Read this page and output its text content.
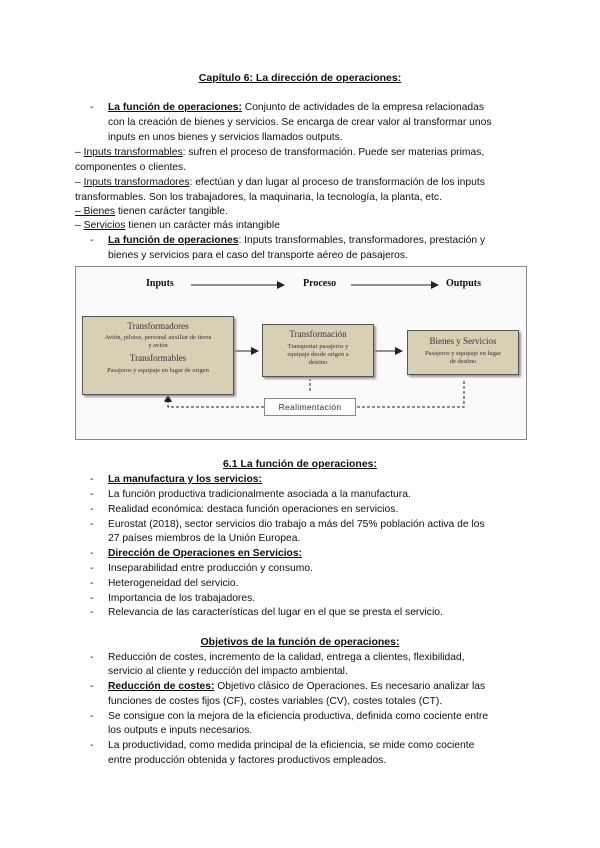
Capítulo 6: La dirección de operaciones:
- La función de operaciones: Conjunto de actividades de la empresa relacionadas
con la creación de bienes y servicios. Se encarga de crear valor al transformar unos
inputs en unos bienes y servicios llamados outputs.
– Inputs transformables: sufren el proceso de transformación. Puede ser materias primas,
componentes o clientes.
– Inputs transformadores: efectúan y dan lugar al proceso de transformación de los inputs
transformables. Son los trabajadores, la maquinaria, la tecnología, la planta, etc.
– Bienes tienen carácter tangible.
– Servicios tienen un carácter más intangible
- La función de operaciones: Inputs transformables, transformadores, prestación y
bienes y servicios para el caso del transporte aéreo de pasajeros.
Inputs	Proceso	Outputs
Transformadores
Avión, pilotos, personal auxiliar de tierra
y avión
Transformables
Pasajeros y equipaje en lugar de origen
Transformación
Transportar pasajeros y
equipaje desde origen a
destino
Bienes y Servicios
Pasajeros y equipaje en lugar
de destino
Realimentación
6.1 La función de operaciones:
- La manufactura y los servicios:
- La función productiva tradicionalmente asociada a la manufactura.
- Realidad económica: destaca función operaciones en servicios.
- Eurostat (2018), sector servicios dio trabajo a más del 75% población activa de los
27 países miembros de la Unión Europea.
- Dirección de Operaciones en Servicios:
- Inseparabilidad entre producción y consumo.
- Heterogeneidad del servicio.
- Importancia de los trabajadores.
- Relevancia de las características del lugar en el que se presta el servicio.
Objetivos de la función de operaciones:
- Reducción de costes, incremento de la calidad, entrega a clientes, flexibilidad,
servicio al cliente y reducción del impacto ambiental.
- Reducción de costes: Objetivo clásico de Operaciones. Es necesario analizar las
funciones de costes fijos (CF), costes variables (CV), costes totales (CT).
- Se consigue con la mejora de la eficiencia productiva, definida como cociente entre
los outputs e inputs necesarios.
- La productividad, como medida principal de la eficiencia, se mide como cociente
entre producción obtenida y factores productivos empleados.
